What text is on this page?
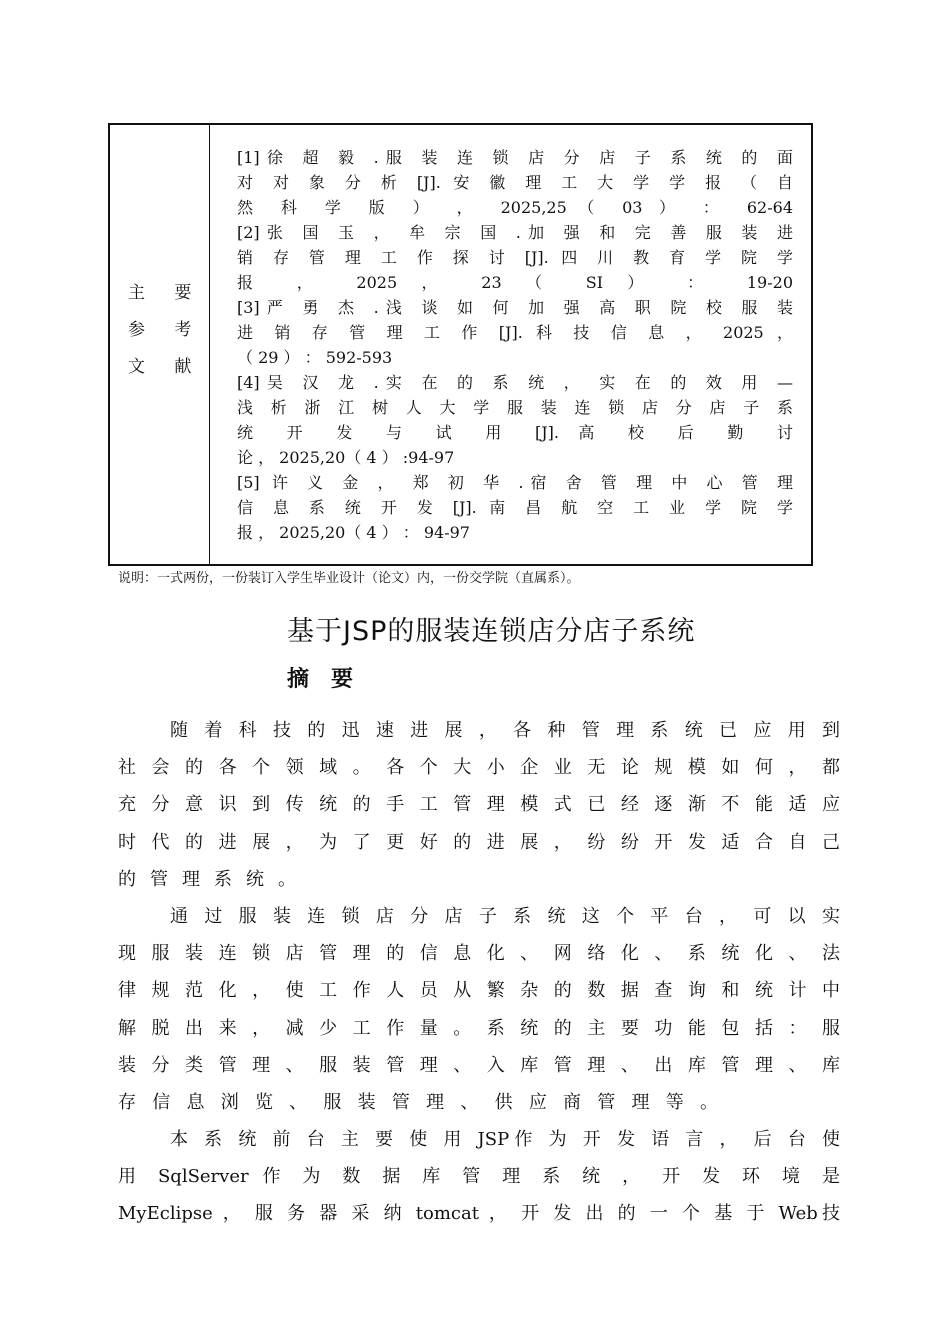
主 要
参 考
文 献

[1]徐 超 毅 .服 装 连 锁 店 分 店 子 系 统 的 面

对 对 象 分 析 [J]. 安 徽 理 工 大 学 学 报 （ 自

然 科 学 版 ） ， 2025,25（ 03 ） ： 62-64

[2]张 国 玉 ， 牟 宗 国 .加 强 和 完 善 服 装 进

销 存 管 理 工 作 探 讨 [J]. 四 川 教 育 学 院 学

报 ， 2025 ， 23 （ SI ） ： 19-20

[3]严 勇 杰 .浅 谈 如 何 加 强 高 职 院 校 服 装

进 销 存 管 理 工 作 [J]. 科 技 信 息 ， 2025 ，

（ 29 ） ： 592-593

[4]吴 汉 龙 .实 在 的 系 统 ， 实 在 的 效 用 —

浅 析 浙 江 树 人 大 学 服 装 连 锁 店 分 店 子 系

统 开 发 与 试 用 [J]. 高 校 后 勤 讨

论 ， 2025,20（ 4 ） :94-97

[5] 许 义 金 ， 郑 初 华 .宿 舍 管 理 中 心 管 理

信 息 系 统 开 发 [J]. 南 昌 航 空 工 业 学 院 学

报 ， 2025,20（ 4 ） ： 94-97

说明：一式两份，一份装订入学生毕业设计（论文）内，一份交学院（直属系）。
基于JSP的服装连锁店分店子系统
摘要
随 着 科 技 的 迅 速 进 展 ， 各 种 管 理 系 统 已 应 用 到
社 会 的 各 个 领 域 。 各 个 大 小 企 业 无 论 规 模 如 何 ， 都
充 分 意 识 到 传 统 的 手 工 管 理 模 式 已 经 逐 渐 不 能 适 应
时 代 的 进 展 ， 为 了 更 好 的 进 展 ， 纷 纷 开 发 适 合 自 己
的管理系统。
通 过 服 装 连 锁 店 分 店 子 系 统 这 个 平 台 ， 可 以 实
现 服 装 连 锁 店 管 理 的 信 息 化 、 网 络 化 、 系 统 化 、 法
律 规 范 化 ， 使 工 作 人 员 从 繁 杂 的 数 据 查 询 和 统 计 中
解 脱 出 来 ， 减 少 工 作 量 。 系 统 的 主 要 功 能 包 括 ： 服
装 分 类 管 理 、 服 装 管 理 、 入 库 管 理 、 出 库 管 理 、 库
存 信 息 浏 览 、 服 装 管 理 、 供 应 商 管 理 等 。
本 系 统 前 台 主 要 使 用 JSP作 为 开 发 语 言 ， 后 台 使
用 SqlServer 作 为 数 据 库 管 理 系 统 ， 开 发 环 境 是
MyEclipse ， 服 务 器 采 纳 tomcat ， 开 发 出 的 一 个 基 于 Web技
